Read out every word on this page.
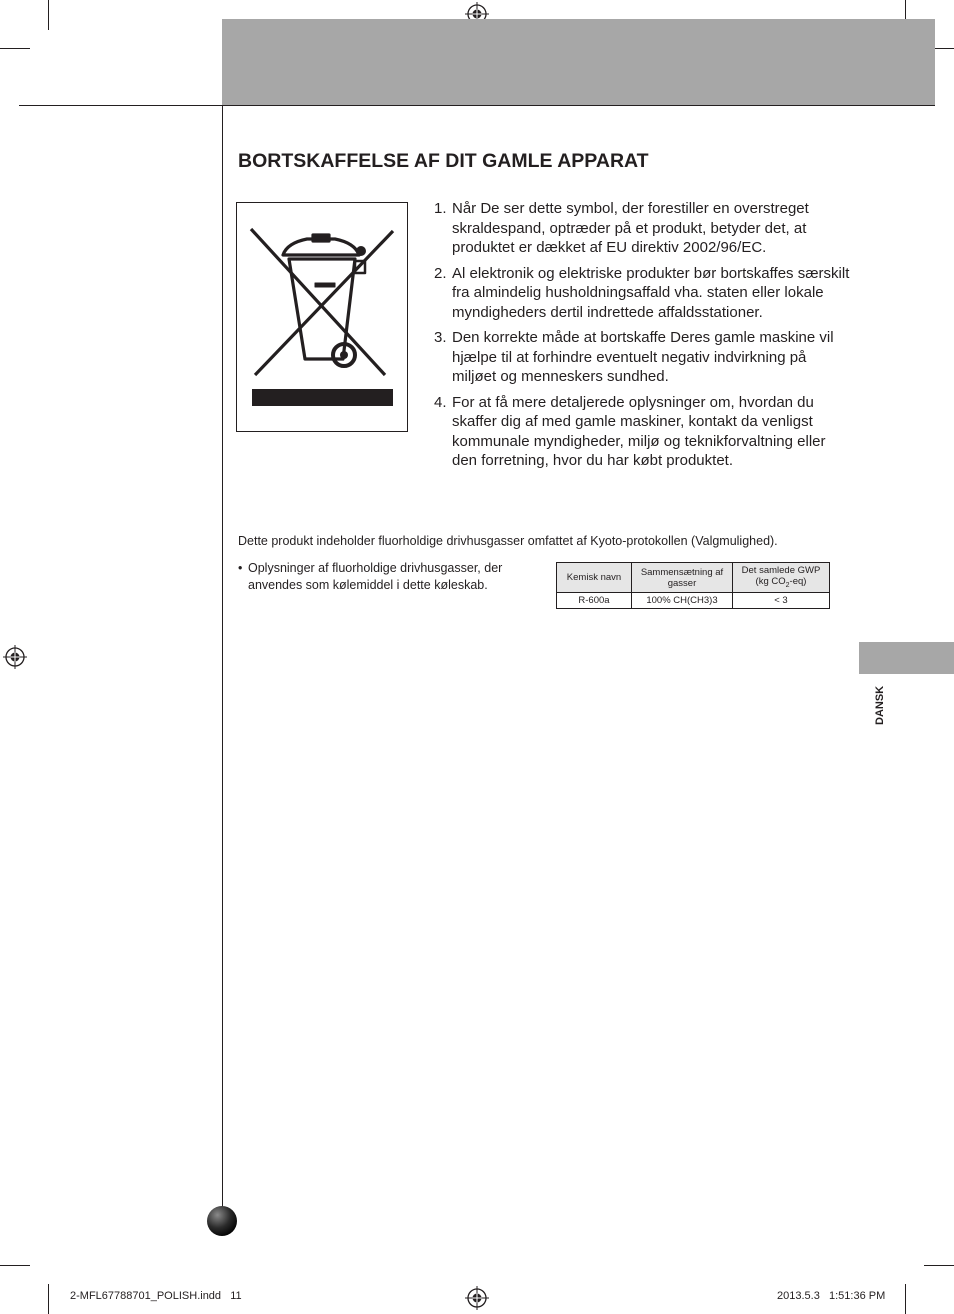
BORTSKAFFELSE AF DIT GAMLE APPARAT
1. Når De ser dette symbol, der forestiller en overstreget skraldespand, optræder på et produkt, betyder det, at produktet er dækket af EU direktiv 2002/96/EC.
2. Al elektronik og elektriske produkter bør bortskaffes særskilt fra almindelig husholdningsaffald vha. staten eller lokale myndigheders dertil indrettede affaldsstationer.
3. Den korrekte måde at bortskaffe Deres gamle maskine vil hjælpe til at forhindre eventuelt negativ indvirkning på miljøet og menneskers sundhed.
4. For at få mere detaljerede oplysninger om, hvordan du skaffer dig af med gamle maskiner, kontakt da venligst kommunale myndigheder, miljø og teknikforvaltning eller den forretning, hvor du har købt produktet.
Dette produkt indeholder fluorholdige drivhusgasser omfattet af Kyoto-protokollen (Valgmulighed).
• Oplysninger af fluorholdige drivhusgasser, der anvendes som kølemiddel i dette køleskab.
Kemisk navn	Sammensætning af gasser	Det samlede GWP
(kg $CO_2-eq$)
R-600a	100% CH(CH3)3	< 3
DANSK
2-MFL67788701_POLISH.indd   11	2013.5.3   1:51:36 PM
